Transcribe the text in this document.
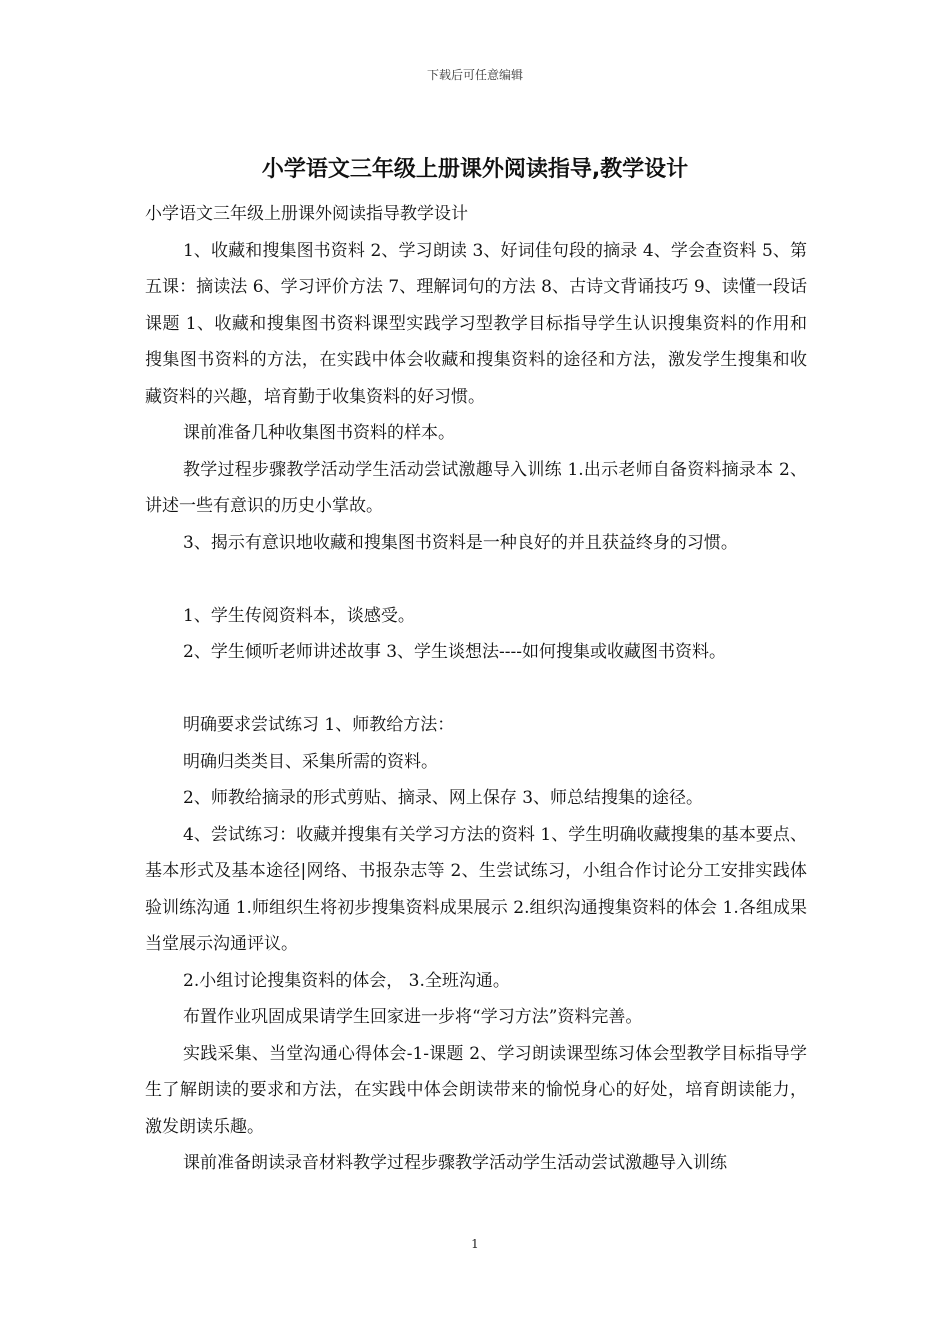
下载后可任意编辑
小学语文三年级上册课外阅读指导,教学设计

小学语文三年级上册课外阅读指导教学设计

1、收藏和搜集图书资料 2、学习朗读 3、好词佳句段的摘录 4、学会查资料 5、第五课：摘读法 6、学习评价方法 7、理解词句的方法 8、古诗文背诵技巧 9、读懂一段话课题 1、收藏和搜集图书资料课型实践学习型教学目标指导学生认识搜集资料的作用和搜集图书资料的方法，在实践中体会收藏和搜集资料的途径和方法，激发学生搜集和收藏资料的兴趣，培育勤于收集资料的好习惯。

课前准备几种收集图书资料的样本。

教学过程步骤教学活动学生活动尝试激趣导入训练 1.出示老师自备资料摘录本 2、讲述一些有意识的历史小掌故。

3、揭示有意识地收藏和搜集图书资料是一种良好的并且获益终身的习惯。

1、学生传阅资料本，谈感受。

2、学生倾听老师讲述故事 3、学生谈想法----如何搜集或收藏图书资料。

明确要求尝试练习 1、师教给方法：

明确归类类目、采集所需的资料。

2、师教给摘录的形式剪贴、摘录、网上保存 3、师总结搜集的途径。

4、尝试练习：收藏并搜集有关学习方法的资料 1、学生明确收藏搜集的基本要点、基本形式及基本途径|网络、书报杂志等 2、生尝试练习，小组合作讨论分工安排实践体验训练沟通 1.师组织生将初步搜集资料成果展示 2.组织沟通搜集资料的体会 1.各组成果当堂展示沟通评议。

2.小组讨论搜集资料的体会， 3.全班沟通。

布置作业巩固成果请学生回家进一步将“学习方法”资料完善。

实践采集、当堂沟通心得体会-1-课题 2、学习朗读课型练习体会型教学目标指导学生了解朗读的要求和方法，在实践中体会朗读带来的愉悦身心的好处，培育朗读能力，激发朗读乐趣。

课前准备朗读录音材料教学过程步骤教学活动学生活动尝试激趣导入训练

1
